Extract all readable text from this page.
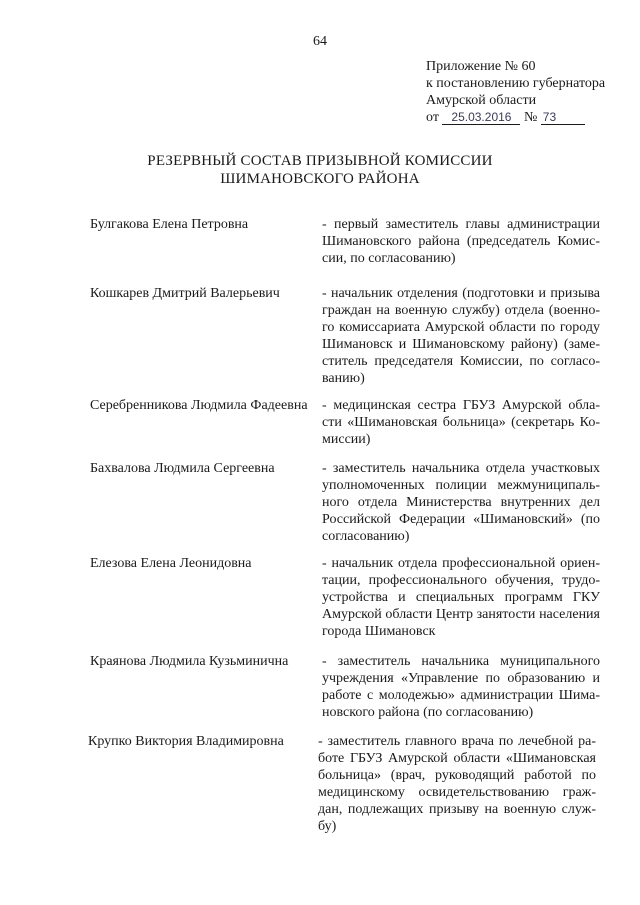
64
Приложение № 60
к постановлению губернатора
Амурской области
от 25.03.2016 № 73
РЕЗЕРВНЫЙ СОСТАВ ПРИЗЫВНОЙ КОМИССИИ
ШИМАНОВСКОГО РАЙОНА
Булгакова Елена Петровна	- первый заместитель главы администрации
Шимановского района (председатель Комис-
сии, по согласованию)
Кошкарев Дмитрий Валерьевич	- начальник отделения (подготовки и призыва
граждан на военную службу) отдела (военно-
го комиссариата Амурской области по городу
Шимановск и Шимановскому району) (заме-
ститель председателя Комиссии, по согласо-
ванию)
Серебренникова Людмила Фадеевна	- медицинская сестра ГБУЗ Амурской обла-
сти «Шимановская больница» (секретарь Ко-
миссии)
Бахвалова Людмила Сергеевна	- заместитель начальника отдела участковых
уполномоченных полиции межмуниципаль-
ного отдела Министерства внутренних дел
Российской Федерации «Шимановский» (по
согласованию)
Елезова Елена Леонидовна	- начальник отдела профессиональной ориен-
тации, профессионального обучения, трудо-
устройства и специальных программ ГКУ
Амурской области Центр занятости населения
города Шимановск
Краянова Людмила Кузьминична	- заместитель начальника муниципального
учреждения «Управление по образованию и
работе с молодежью» администрации Шима-
новского района (по согласованию)
Крупко Виктория Владимировна	- заместитель главного врача по лечебной ра-
боте ГБУЗ Амурской области «Шимановская
больница» (врач, руководящий работой по
медицинскому освидетельствованию граж-
дан, подлежащих призыву на военную служ-
бу)
